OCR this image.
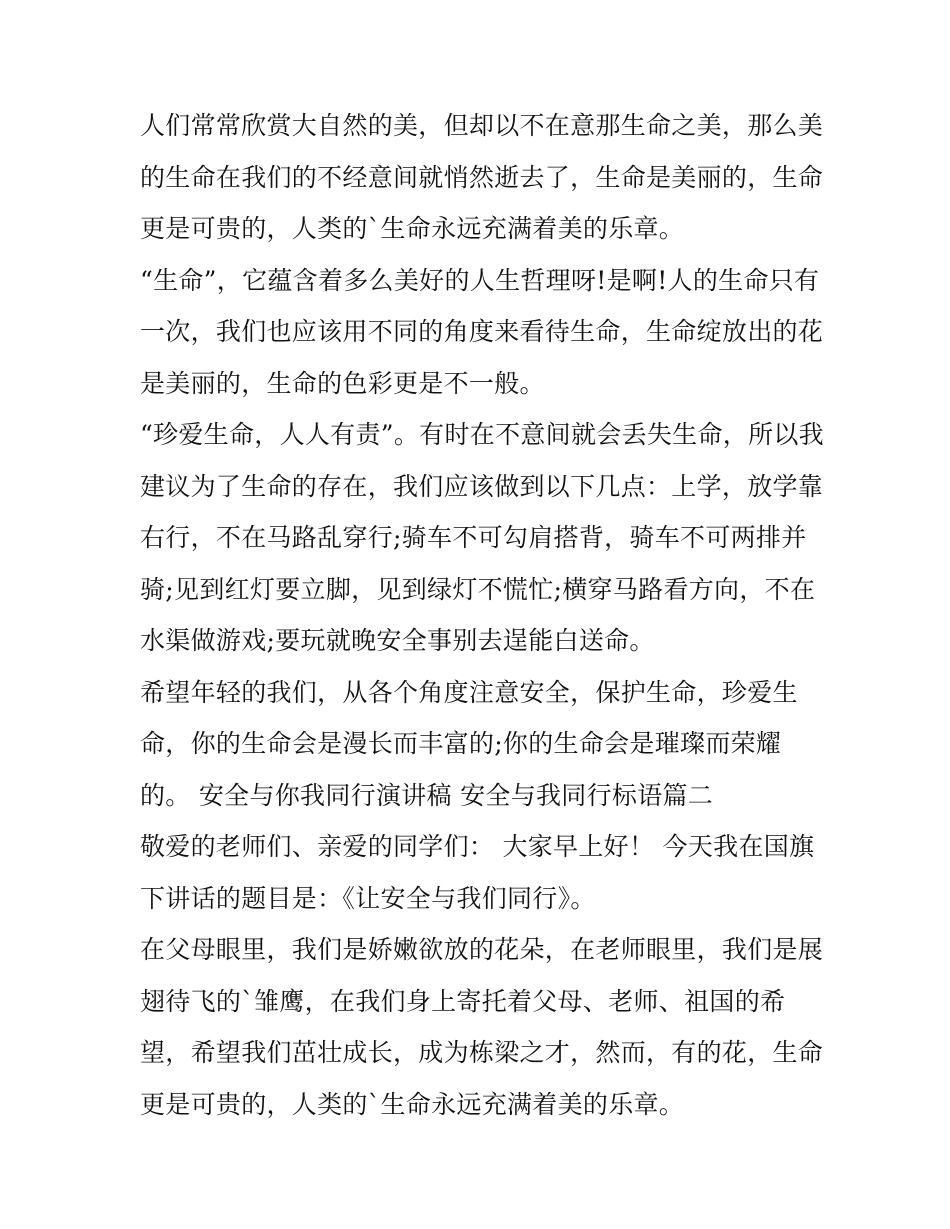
人们常常欣赏大自然的美，但却以不在意那生命之美，那么美
的生命在我们的不经意间就悄然逝去了，生命是美丽的，生命
更是可贵的，人类的`生命永远充满着美的乐章。
“生命”，它蕴含着多么美好的人生哲理呀!是啊!人的生命只有
一次，我们也应该用不同的角度来看待生命，生命绽放出的花
是美丽的，生命的色彩更是不一般。
“珍爱生命，人人有责”。有时在不意间就会丢失生命，所以我
建议为了生命的存在，我们应该做到以下几点：上学，放学靠
右行，不在马路乱穿行;骑车不可勾肩搭背，骑车不可两排并
骑;见到红灯要立脚，见到绿灯不慌忙;横穿马路看方向，不在
水渠做游戏;要玩就晚安全事别去逞能白送命。
希望年轻的我们，从各个角度注意安全，保护生命，珍爱生
命，你的生命会是漫长而丰富的;你的生命会是璀璨而荣耀
的。 安全与你我同行演讲稿 安全与我同行标语篇二
敬爱的老师们、亲爱的同学们： 大家早上好！ 今天我在国旗
下讲话的题目是：《让安全与我们同行》。
在父母眼里，我们是娇嫩欲放的花朵，在老师眼里，我们是展
翅待飞的`雏鹰，在我们身上寄托着父母、老师、祖国的希
望，希望我们茁壮成长，成为栋梁之才，然而，有的花，生命
更是可贵的，人类的`生命永远充满着美的乐章。
